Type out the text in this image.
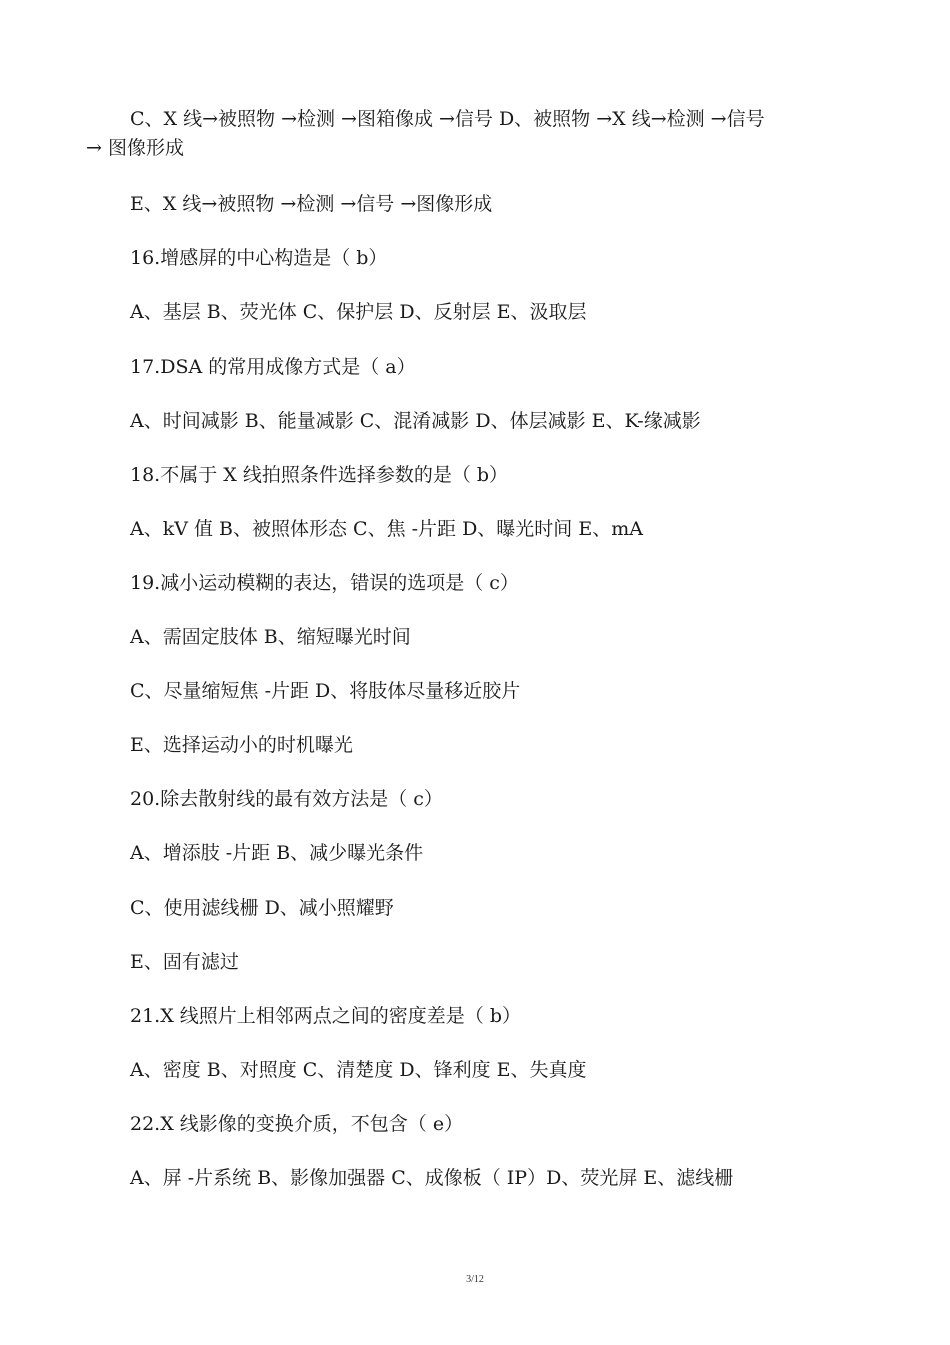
C、X 线→被照物 →检测 →图箱像成 →信号 D、被照物 →X 线→检测 →信号
→ 图像形成
E、X 线→被照物 →检测 →信号 →图像形成
16.增感屏的中心构造是（ b）
A、基层 B、荧光体 C、保护层 D、反射层 E、汲取层
17.DSA 的常用成像方式是（ a）
A、时间减影 B、能量减影 C、混淆减影 D、体层减影 E、K-缘减影
18.不属于 X 线拍照条件选择参数的是（ b）
A、kV 值 B、被照体形态 C、焦 -片距 D、曝光时间 E、mA
19.减小运动模糊的表达，错误的选项是（ c）
A、需固定肢体 B、缩短曝光时间
C、尽量缩短焦 -片距 D、将肢体尽量移近胶片
E、选择运动小的时机曝光
20.除去散射线的最有效方法是（ c）
A、增添肢 -片距 B、减少曝光条件
C、使用滤线栅 D、减小照耀野
E、固有滤过
21.X 线照片上相邻两点之间的密度差是（ b）
A、密度 B、对照度 C、清楚度 D、锋利度 E、失真度
22.X 线影像的变换介质，不包含（ e）
A、屏 -片系统 B、影像加强器 C、成像板（ IP）D、荧光屏 E、滤线栅
3/12
